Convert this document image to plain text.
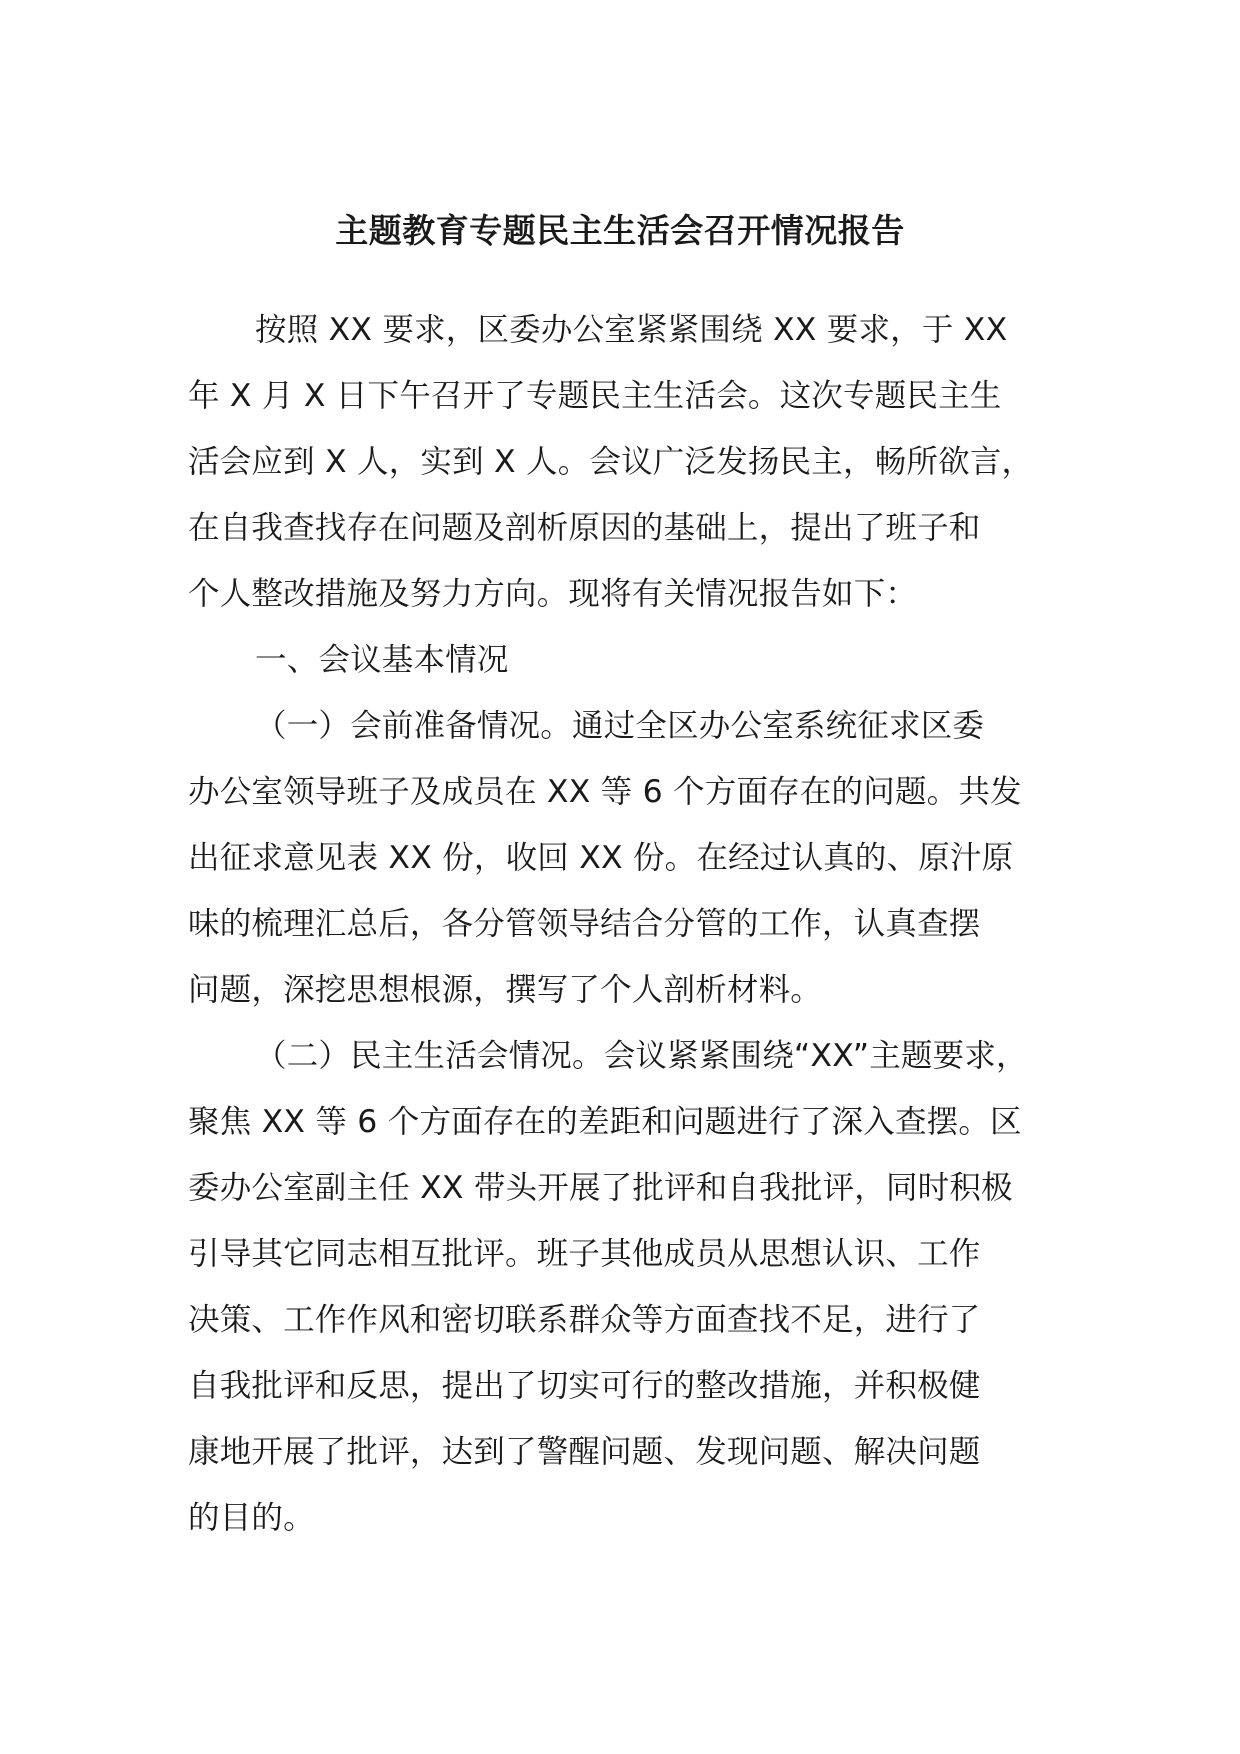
主题教育专题民主生活会召开情况报告
按照 XX 要求，区委办公室紧紧围绕 XX 要求，于 XX
年 X 月 X 日下午召开了专题民主生活会。这次专题民主生
活会应到 X 人，实到 X 人。会议广泛发扬民主，畅所欲言，
在自我查找存在问题及剖析原因的基础上，提出了班子和
个人整改措施及努力方向。现将有关情况报告如下：
一、会议基本情况
（一）会前准备情况。通过全区办公室系统征求区委
办公室领导班子及成员在 XX 等 6 个方面存在的问题。共发
出征求意见表 XX 份，收回 XX 份。在经过认真的、原汁原
味的梳理汇总后，各分管领导结合分管的工作，认真查摆
问题，深挖思想根源，撰写了个人剖析材料。
（二）民主生活会情况。会议紧紧围绕“XX”主题要求，
聚焦 XX 等 6 个方面存在的差距和问题进行了深入查摆。区
委办公室副主任 XX 带头开展了批评和自我批评，同时积极
引导其它同志相互批评。班子其他成员从思想认识、工作
决策、工作作风和密切联系群众等方面查找不足，进行了
自我批评和反思，提出了切实可行的整改措施，并积极健
康地开展了批评，达到了警醒问题、发现问题、解决问题
的目的。
